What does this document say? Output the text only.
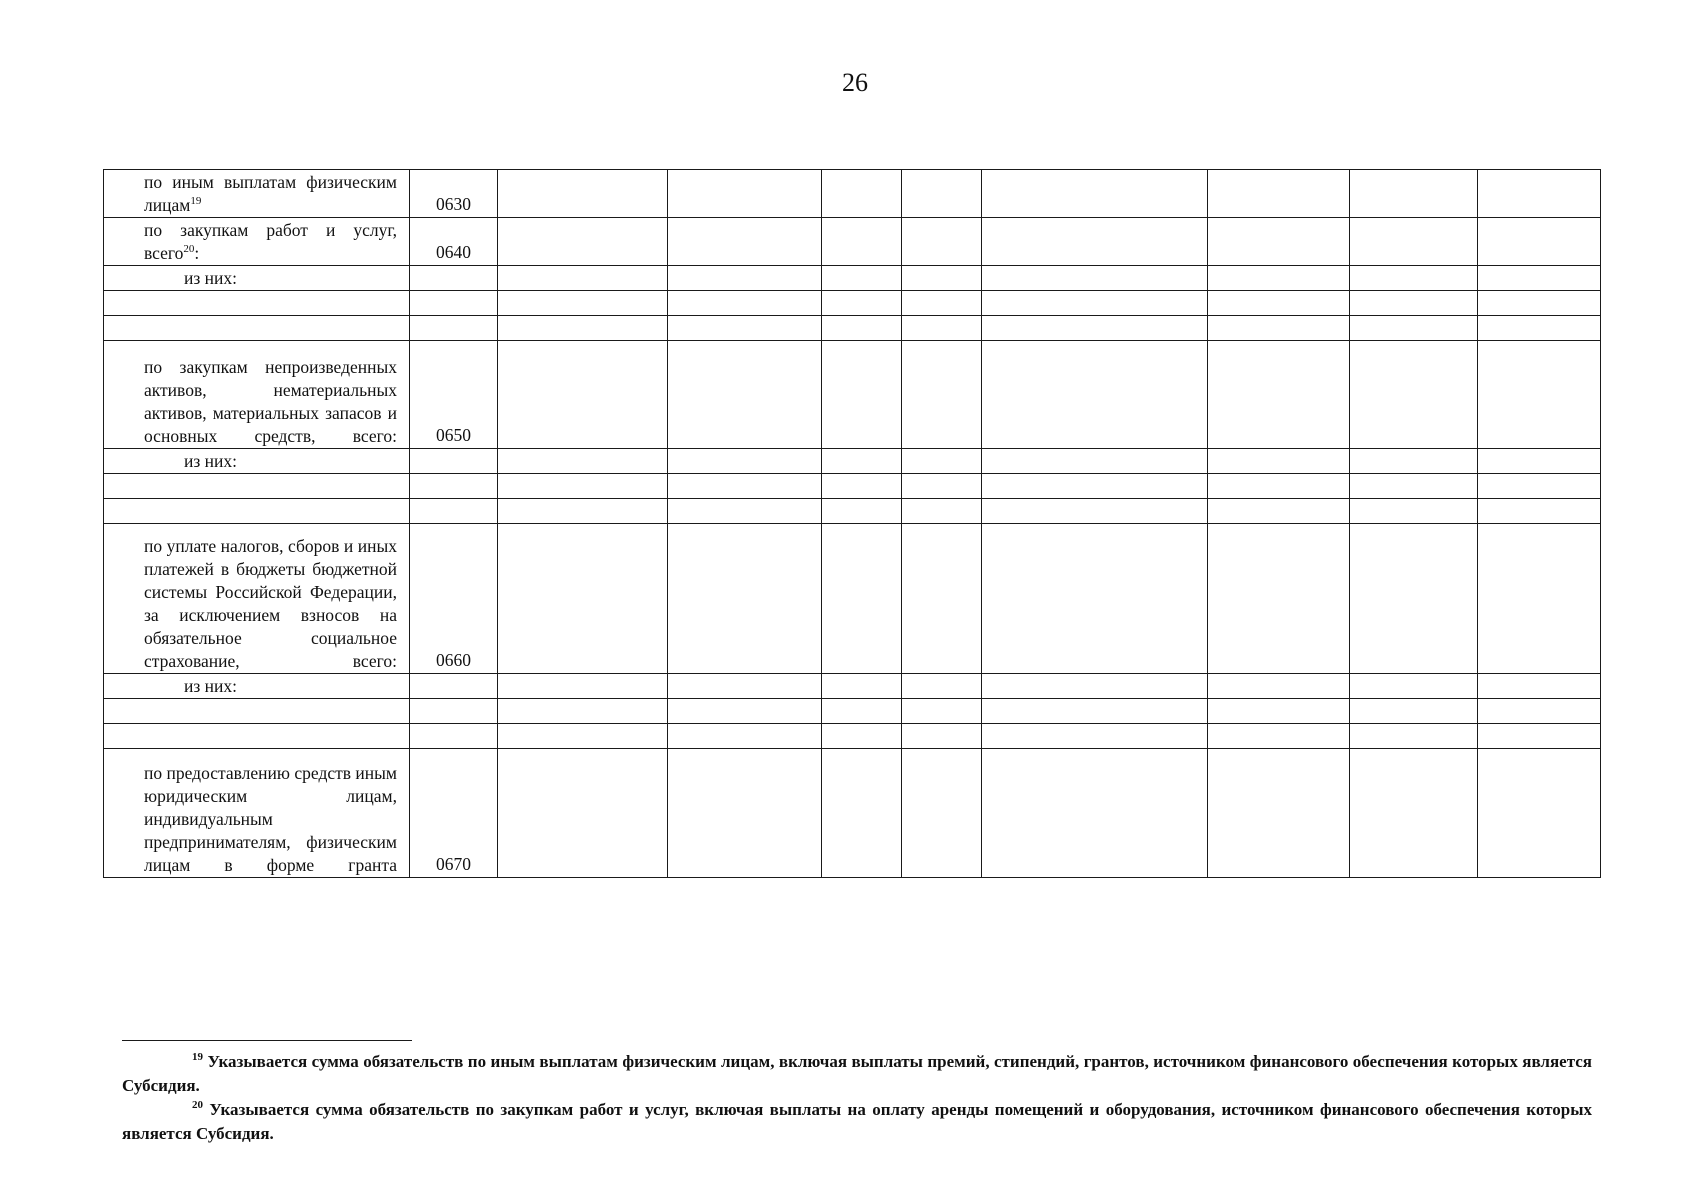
26
по иным выплатам физическим лицам$^{19}$	0630								
по закупкам работ и услуг, всего$^{20}$:	0640								
из них:									

по закупкам непроизведенных активов, нематериальных активов, материальных запасов и основных средств, всего:	0650								
из них:									

по уплате налогов, сборов и иных платежей в бюджеты бюджетной системы Российской Федерации, за исключением взносов на обязательное социальное страхование, всего:	0660								
из них:									

по предоставлению средств иным юридическим лицам, индивидуальным предпринимателям, физическим лицам в форме гранта	0670								

$^{19}$ Указывается сумма обязательств по иным выплатам физическим лицам, включая выплаты премий, стипендий, грантов, источником финансового обеспечения которых является Субсидия.

$^{20}$ Указывается сумма обязательств по закупкам работ и услуг, включая выплаты на оплату аренды помещений и оборудования, источником финансового обеспечения которых является Субсидия.
